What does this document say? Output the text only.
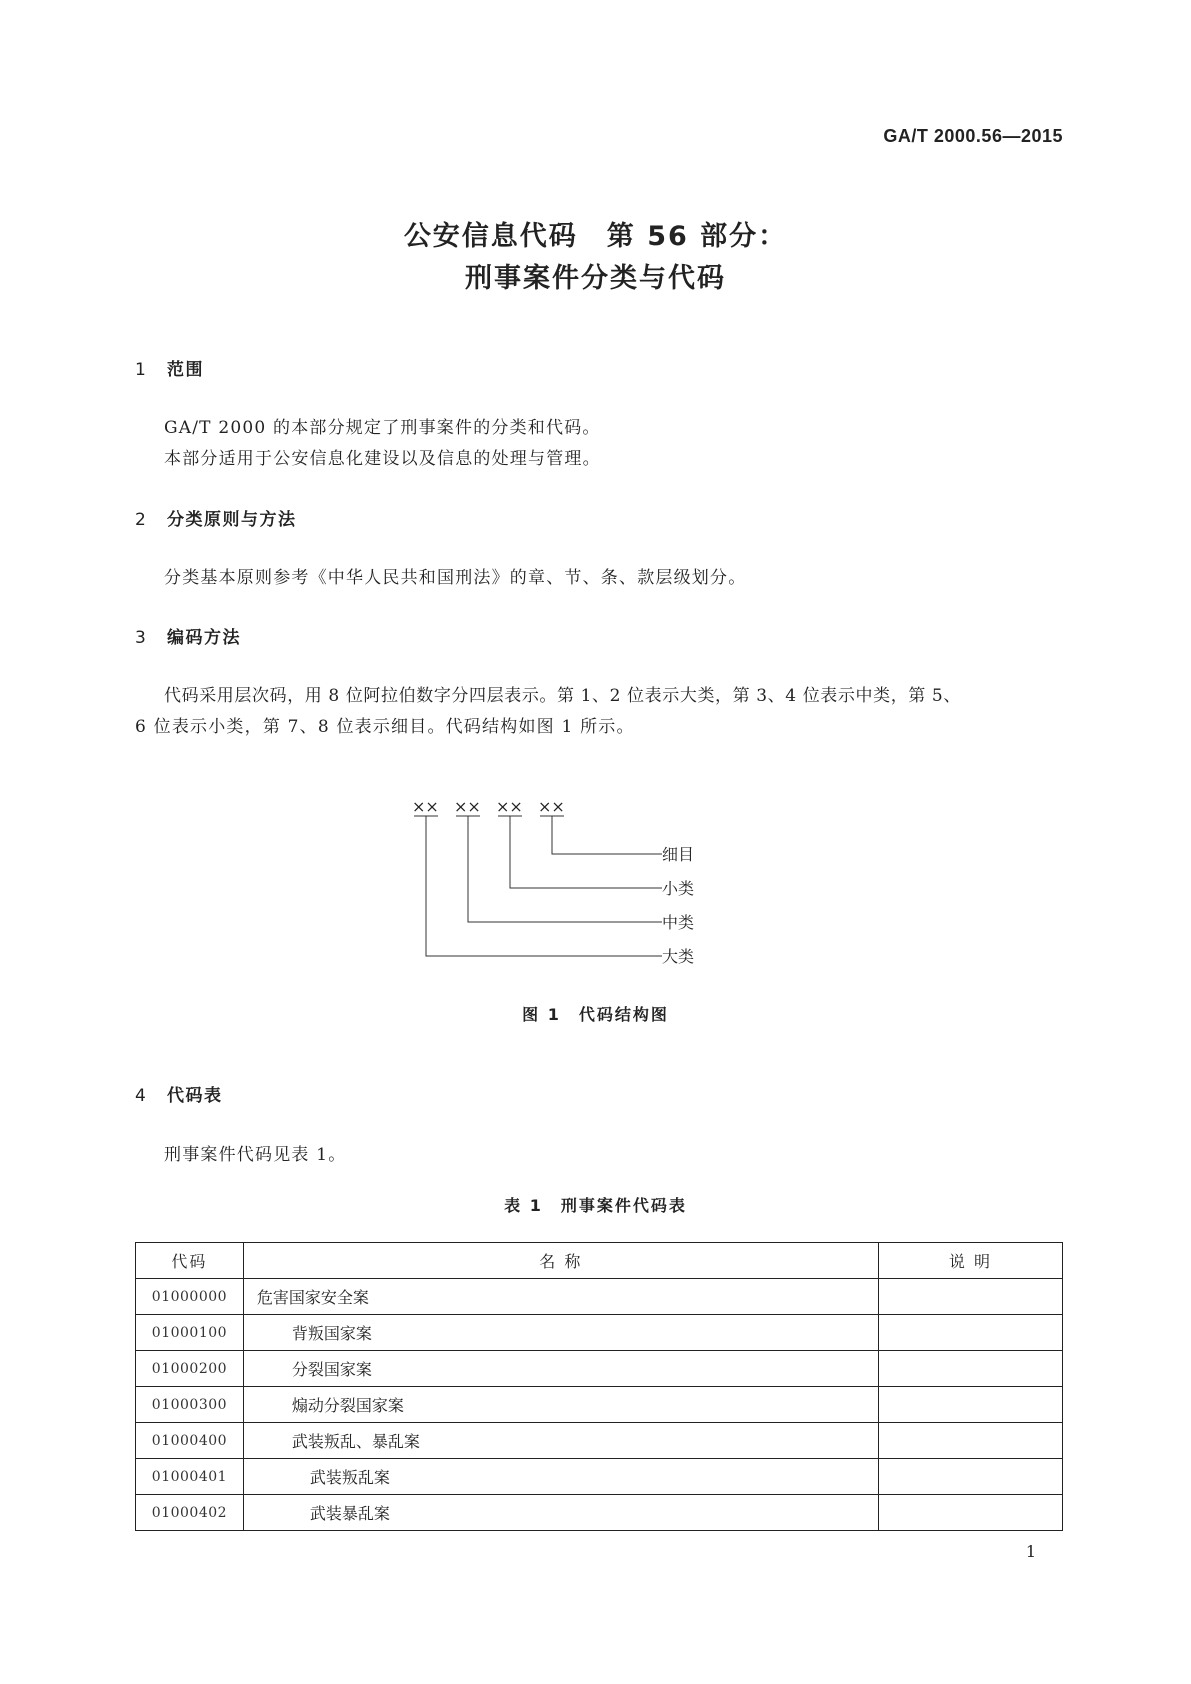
GA/T 2000.56—2015
公安信息代码　第 56 部分：
刑事案件分类与代码
1 范围
GA/T 2000 的本部分规定了刑事案件的分类和代码。
本部分适用于公安信息化建设以及信息的处理与管理。
2 分类原则与方法
分类基本原则参考《中华人民共和国刑法》的章、节、条、款层级划分。
3 编码方法
代码采用层次码，用 8 位阿拉伯数字分四层表示。第 1、2 位表示大类，第 3、4 位表示中类，第 5、
6 位表示小类，第 7、8 位表示细目。代码结构如图 1 所示。
×× ×× ×× ××
细目
小类
中类
大类
图 1　代码结构图
4 代码表
刑事案件代码见表 1。
表 1　刑事案件代码表
代码	名 称	说 明
01000000	危害国家安全案	
01000100	背叛国家案	
01000200	分裂国家案	
01000300	煽动分裂国家案	
01000400	武装叛乱、暴乱案	
01000401	武装叛乱案	
01000402	武装暴乱案	
1
